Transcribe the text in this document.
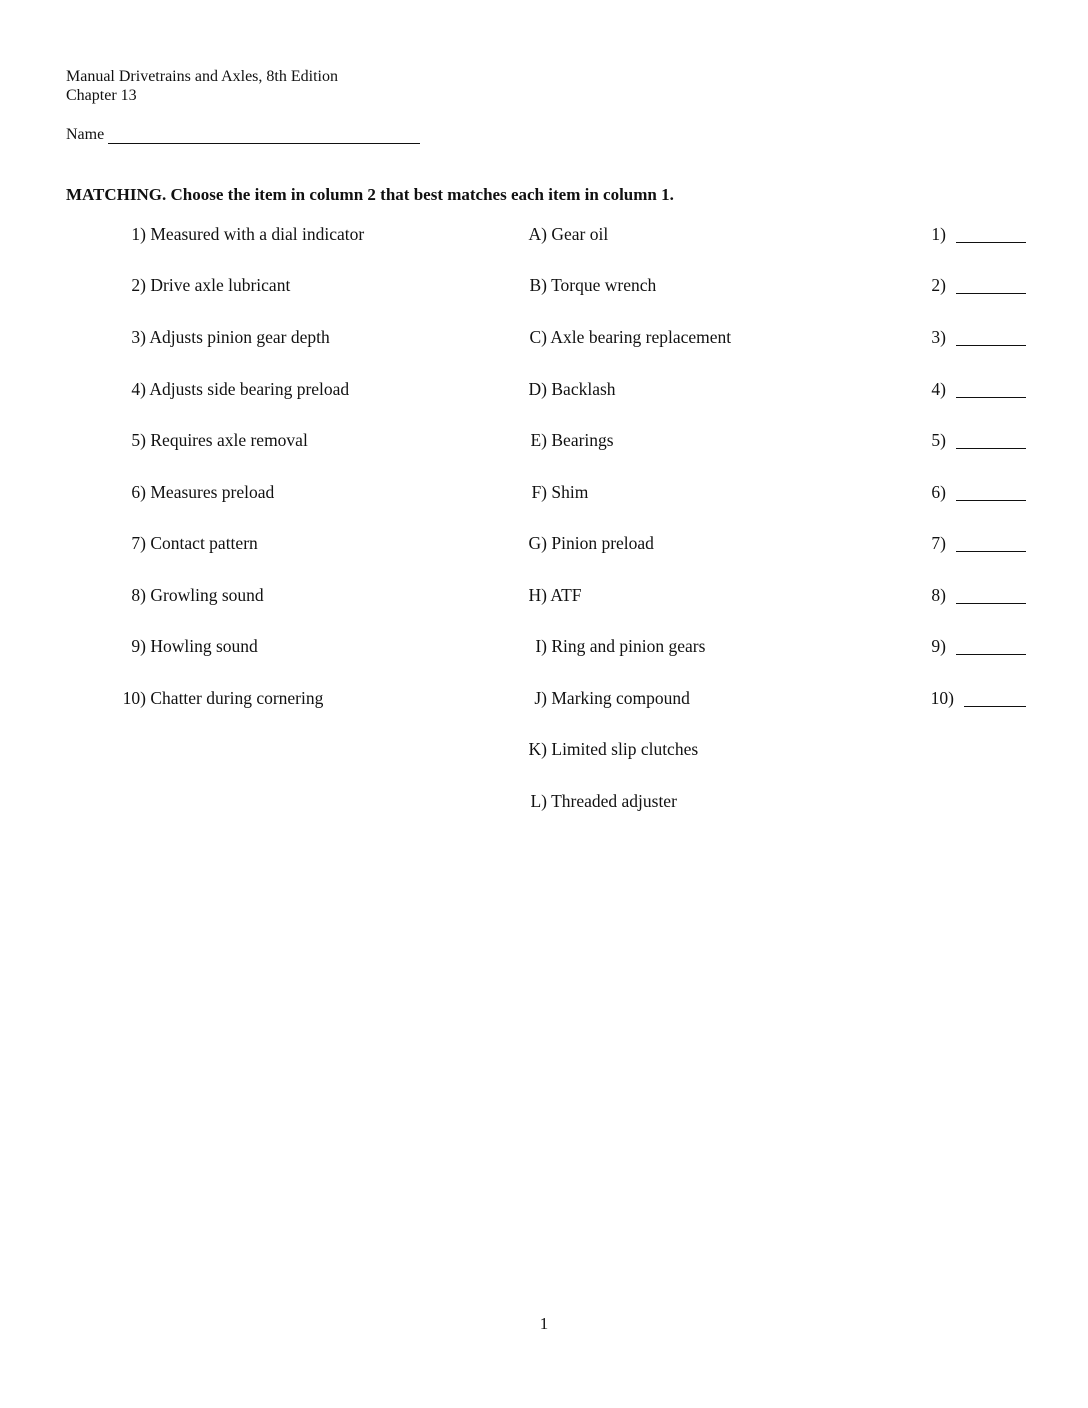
Manual Drivetrains and Axles, 8th Edition
Chapter 13
Name
MATCHING. Choose the item in column 2 that best matches each item in column 1.
1) Measured with a dial indicator	A) Gear oil	1)
2) Drive axle lubricant	B) Torque wrench	2)
3) Adjusts pinion gear depth	C) Axle bearing replacement	3)
4) Adjusts side bearing preload	D) Backlash	4)
5) Requires axle removal	E) Bearings	5)
6) Measures preload	F) Shim	6)
7) Contact pattern	G) Pinion preload	7)
8) Growling sound	H) ATF	8)
9) Howling sound	I) Ring and pinion gears	9)
10) Chatter during cornering	J) Marking compound	10)
K) Limited slip clutches
L) Threaded adjuster
1
